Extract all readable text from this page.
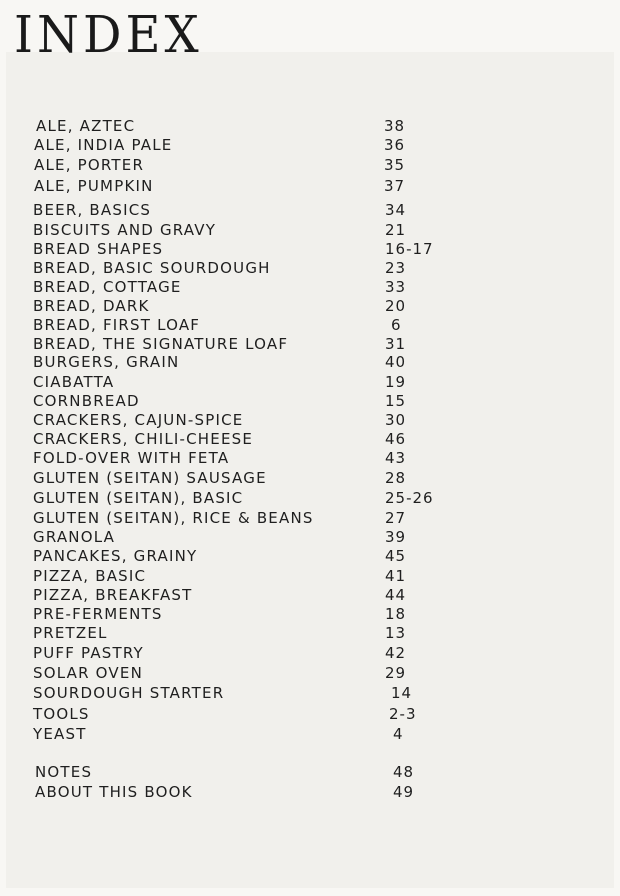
INDEX
ALE, AZTEC	38
ALE, INDIA PALE	36
ALE, PORTER	35
ALE, PUMPKIN	37
BEER, BASICS	34
BISCUITS AND GRAVY	21
BREAD SHAPES	16-17
BREAD, BASIC SOURDOUGH	23
BREAD, COTTAGE	33
BREAD, DARK	20
BREAD, FIRST LOAF	6
BREAD, THE SIGNATURE LOAF	31
BURGERS, GRAIN	40
CIABATTA	19
CORNBREAD	15
CRACKERS, CAJUN-SPICE	30
CRACKERS, CHILI-CHEESE	46
FOLD-OVER WITH FETA	43
GLUTEN (SEITAN) SAUSAGE	28
GLUTEN (SEITAN), BASIC	25-26
GLUTEN (SEITAN), RICE & BEANS	27
GRANOLA	39
PANCAKES, GRAINY	45
PIZZA, BASIC	41
PIZZA, BREAKFAST	44
PRE-FERMENTS	18
PRETZEL	13
PUFF PASTRY	42
SOLAR OVEN	29
SOURDOUGH STARTER	14
TOOLS	2-3
YEAST	4
NOTES	48
ABOUT THIS BOOK	49
